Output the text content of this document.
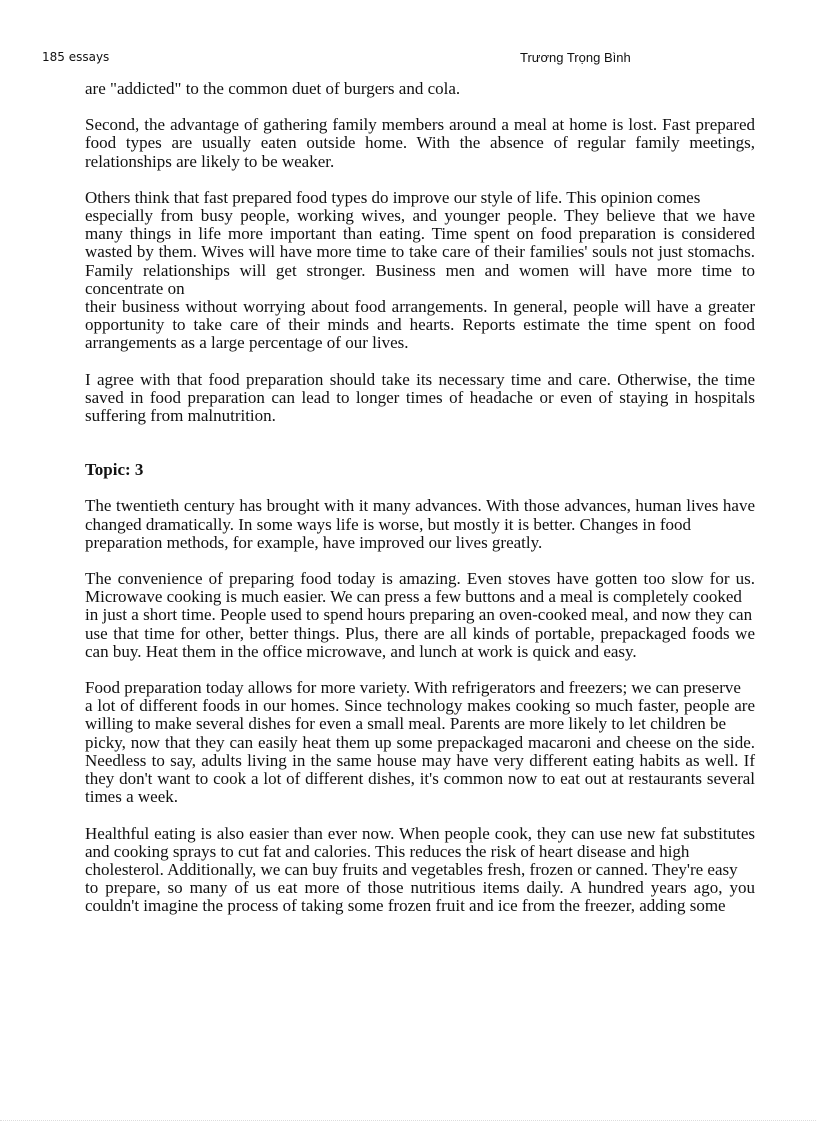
185 essays	Trương Trọng Bình

are "addicted" to the common duet of burgers and cola.

Second, the advantage of gathering family members around a meal at home is lost. Fast prepared food types are usually eaten outside home. With the absence of regular family meetings, relationships are likely to be weaker.

Others think that fast prepared food types do improve our style of life. This opinion comes

especially from busy people, working wives, and younger people. They believe that we have many things in life more important than eating. Time spent on food preparation is considered wasted by them. Wives will have more time to take care of their families' souls not just stomachs. Family relationships will get stronger. Business men and women will have more time to concentrate on

their business without worrying about food arrangements. In general, people will have a greater opportunity to take care of their minds and hearts. Reports estimate the time spent on food arrangements as a large percentage of our lives.

I agree with that food preparation should take its necessary time and care. Otherwise, the time saved in food preparation can lead to longer times of headache or even of staying in hospitals suffering from malnutrition.

Topic: 3

The twentieth century has brought with it many advances. With those advances, human lives have changed dramatically. In some ways life is worse, but mostly it is better. Changes in food

preparation methods, for example, have improved our lives greatly.

The convenience of preparing food today is amazing. Even stoves have gotten too slow for us. Microwave cooking is much easier. We can press a few buttons and a meal is completely cooked

in just a short time. People used to spend hours preparing an oven-cooked meal, and now they can

use that time for other, better things. Plus, there are all kinds of portable, prepackaged foods we can buy. Heat them in the office microwave, and lunch at work is quick and easy.

Food preparation today allows for more variety. With refrigerators and freezers; we can preserve

a lot of different foods in our homes. Since technology makes cooking so much faster, people are willing to make several dishes for even a small meal. Parents are more likely to let children be

picky, now that they can easily heat them up some prepackaged macaroni and cheese on the side. Needless to say, adults living in the same house may have very different eating habits as well. If they don't want to cook a lot of different dishes, it's common now to eat out at restaurants several times a week.

Healthful eating is also easier than ever now. When people cook, they can use new fat substitutes and cooking sprays to cut fat and calories. This reduces the risk of heart disease and high

cholesterol. Additionally, we can buy fruits and vegetables fresh, frozen or canned. They're easy

to prepare, so many of us eat more of those nutritious items daily. A hundred years ago, you couldn't imagine the process of taking some frozen fruit and ice from the freezer, adding some
